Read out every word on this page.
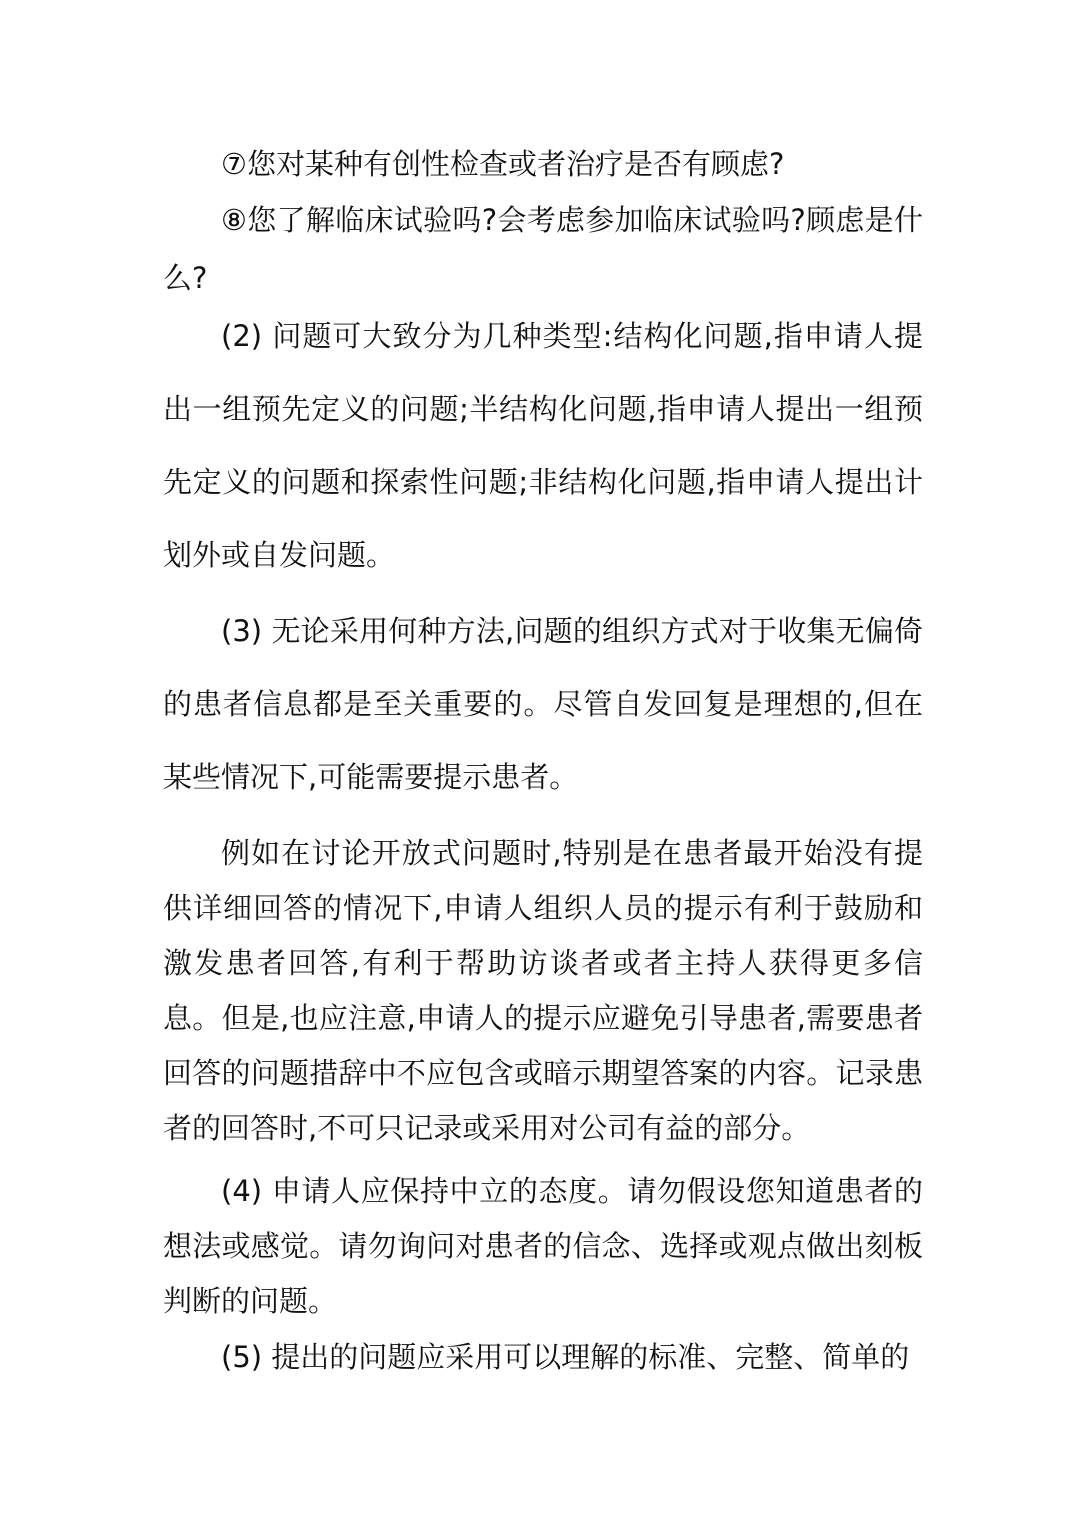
⑦您对某种有创性检查或者治疗是否有顾虑?

⑧您了解临床试验吗?会考虑参加临床试验吗?顾虑是什么?

(2) 问题可大致分为几种类型:结构化问题,指申请人提出一组预先定义的问题;半结构化问题,指申请人提出一组预先定义的问题和探索性问题;非结构化问题,指申请人提出计划外或自发问题。

(3) 无论采用何种方法,问题的组织方式对于收集无偏倚的患者信息都是至关重要的。尽管自发回复是理想的,但在某些情况下,可能需要提示患者。

例如在讨论开放式问题时,特别是在患者最开始没有提供详细回答的情况下,申请人组织人员的提示有利于鼓励和激发患者回答,有利于帮助访谈者或者主持人获得更多信息。但是,也应注意,申请人的提示应避免引导患者,需要患者回答的问题措辞中不应包含或暗示期望答案的内容。记录患者的回答时,不可只记录或采用对公司有益的部分。

(4) 申请人应保持中立的态度。请勿假设您知道患者的想法或感觉。请勿询问对患者的信念、选择或观点做出刻板判断的问题。

(5) 提出的问题应采用可以理解的标准、完整、简单的
